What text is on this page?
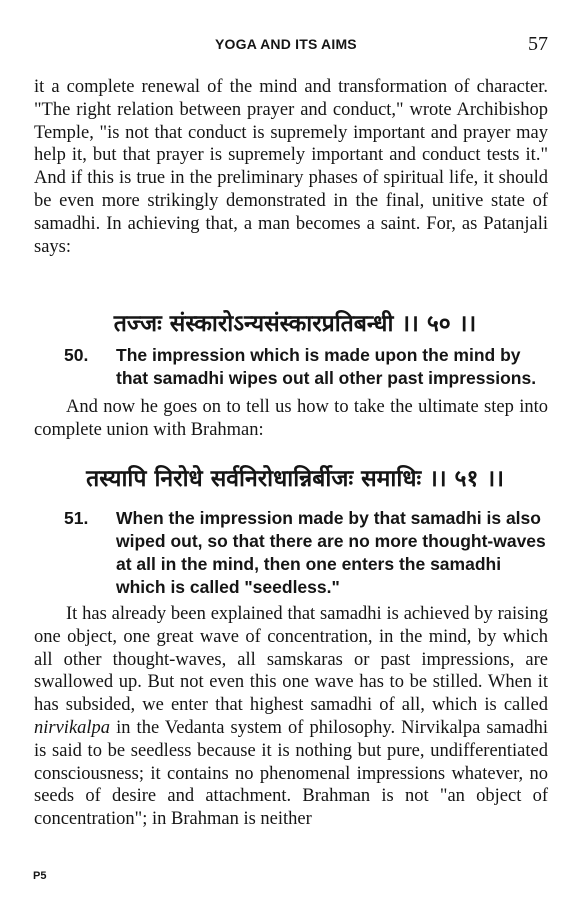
YOGA AND ITS AIMS	57

it a complete renewal of the mind and transformation of character. "The right relation between prayer and conduct," wrote Archibishop Temple, "is not that conduct is supremely important and prayer may help it, but that prayer is supremely important and conduct tests it." And if this is true in the preliminary phases of spiritual life, it should be even more strikingly demonstrated in the final, unitive state of samadhi. In achieving that, a man becomes a saint. For, as Patanjali says:

तज्जः संस्कारोऽन्यसंस्कारप्रतिबन्धी ।। ५० ।।

50. The impression which is made upon the mind by that samadhi wipes out all other past impressions.

And now he goes on to tell us how to take the ultimate step into complete union with Brahman:

तस्यापि निरोधे सर्वनिरोधान्निर्बीजः समाधिः ।। ५१ ।।

51. When the impression made by that samadhi is also wiped out, so that there are no more thought-waves at all in the mind, then one enters the samadhi which is called "seedless."

It has already been explained that samadhi is achieved by raising one object, one great wave of concentration, in the mind, by which all other thought-waves, all samskaras or past impressions, are swallowed up. But not even this one wave has to be stilled. When it has subsided, we enter that highest samadhi of all, which is called nirvikalpa in the Vedanta system of philosophy. Nirvikalpa samadhi is said to be seedless because it is nothing but pure, undifferentiated consciousness; it contains no phenomenal impressions whatever, no seeds of desire and attachment. Brahman is not "an object of concentration"; in Brahman is neither

P5
